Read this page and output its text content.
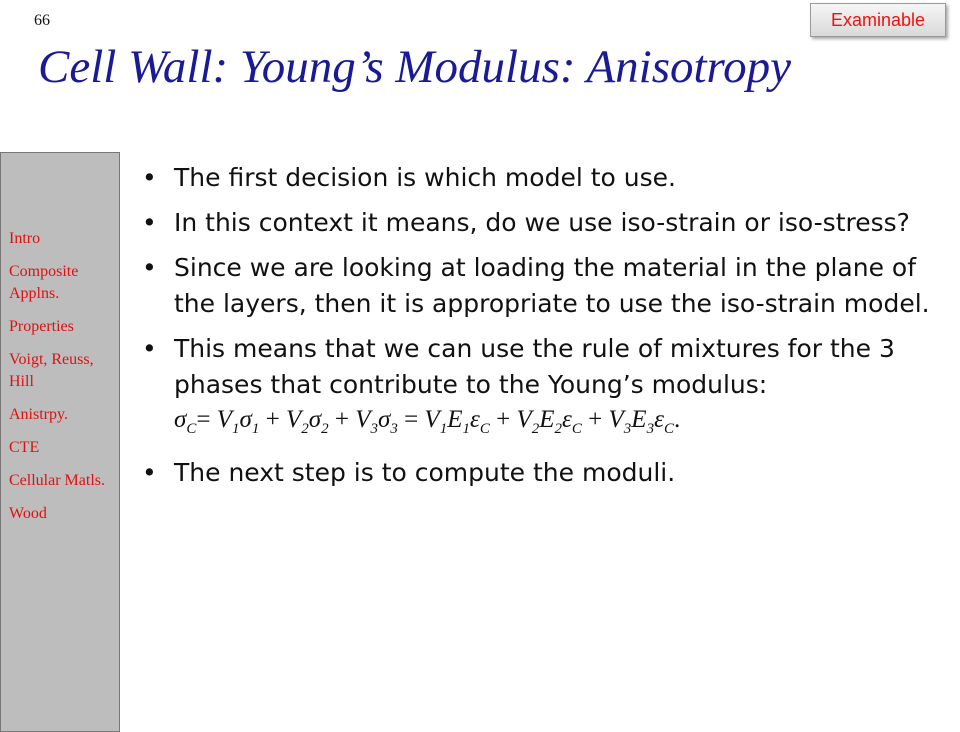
66	Examinable
Cell Wall: Young’s Modulus: Anisotropy
Intro
Composite Applns.
Properties
Voigt, Reuss, Hill
Anistrpy.
CTE
Cellular Matls.
Wood

• The first decision is which model to use.

• In this context it means, do we use iso-strain or iso-stress?

• Since we are looking at loading the material in the plane of the layers, then it is appropriate to use the iso-strain model.

• This means that we can use the rule of mixtures for the 3 phases that contribute to the Young’s modulus:
$\sigma_C= V_1\sigma_1 + V_2\sigma_2 + V_3\sigma_3 = V_1E_1\varepsilon_C + V_2E_2\varepsilon_C + V_3E_3\varepsilon_C$.

• The next step is to compute the moduli.
